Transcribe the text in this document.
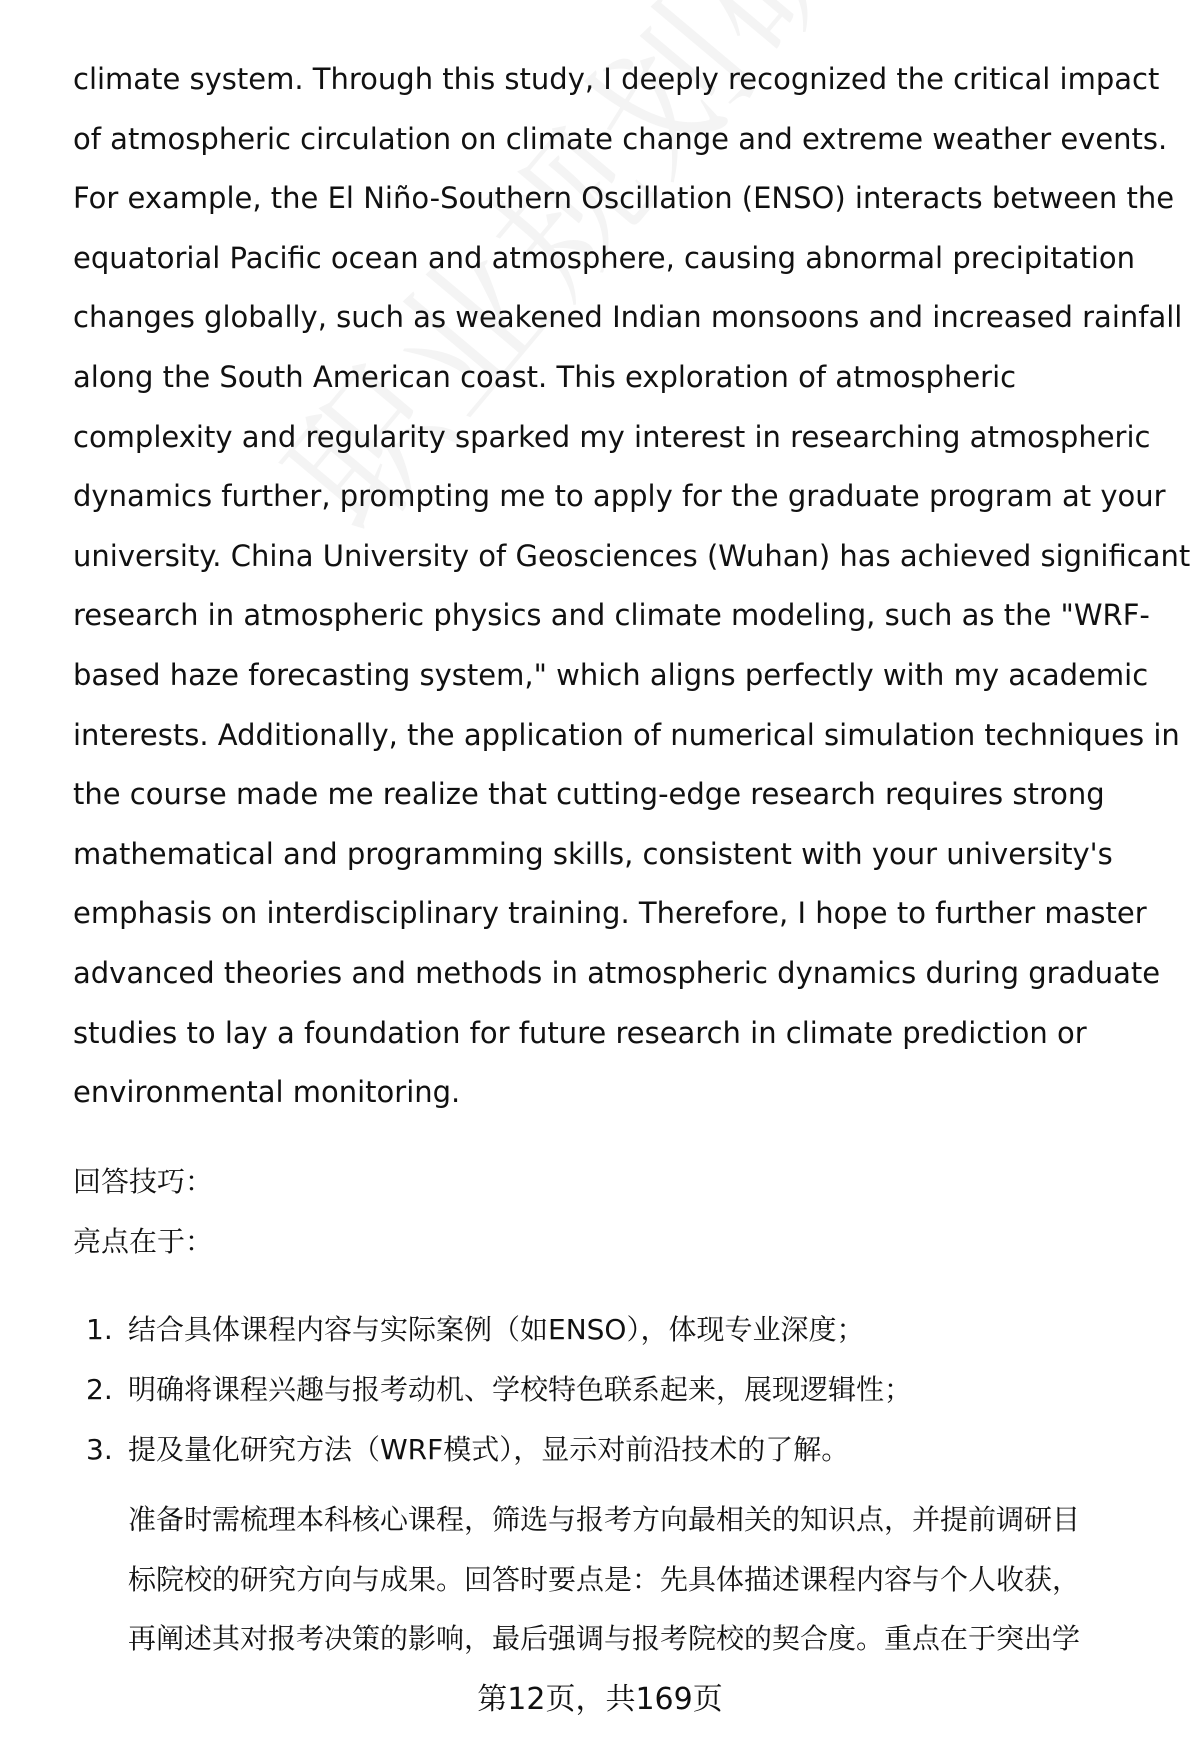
climate system. Through this study, I deeply recognized the critical impact
of atmospheric circulation on climate change and extreme weather events.
For example, the El Niño-Southern Oscillation (ENSO) interacts between the
equatorial Pacific ocean and atmosphere, causing abnormal precipitation
changes globally, such as weakened Indian monsoons and increased rainfall
along the South American coast. This exploration of atmospheric
complexity and regularity sparked my interest in researching atmospheric
dynamics further, prompting me to apply for the graduate program at your
university. China University of Geosciences (Wuhan) has achieved significant
research in atmospheric physics and climate modeling, such as the "WRF-
based haze forecasting system," which aligns perfectly with my academic
interests. Additionally, the application of numerical simulation techniques in
the course made me realize that cutting-edge research requires strong
mathematical and programming skills, consistent with your university's
emphasis on interdisciplinary training. Therefore, I hope to further master
advanced theories and methods in atmospheric dynamics during graduate
studies to lay a foundation for future research in climate prediction or
environmental monitoring.
回答技巧：
亮点在于：
1. 结合具体课程内容与实际案例（如ENSO），体现专业深度；
2. 明确将课程兴趣与报考动机、学校特色联系起来，展现逻辑性；
3. 提及量化研究方法（WRF模式），显示对前沿技术的了解。
准备时需梳理本科核心课程，筛选与报考方向最相关的知识点，并提前调研目
标院校的研究方向与成果。回答时要点是：先具体描述课程内容与个人收获，
再阐述其对报考决策的影响，最后强调与报考院校的契合度。重点在于突出学
第12页，共169页
